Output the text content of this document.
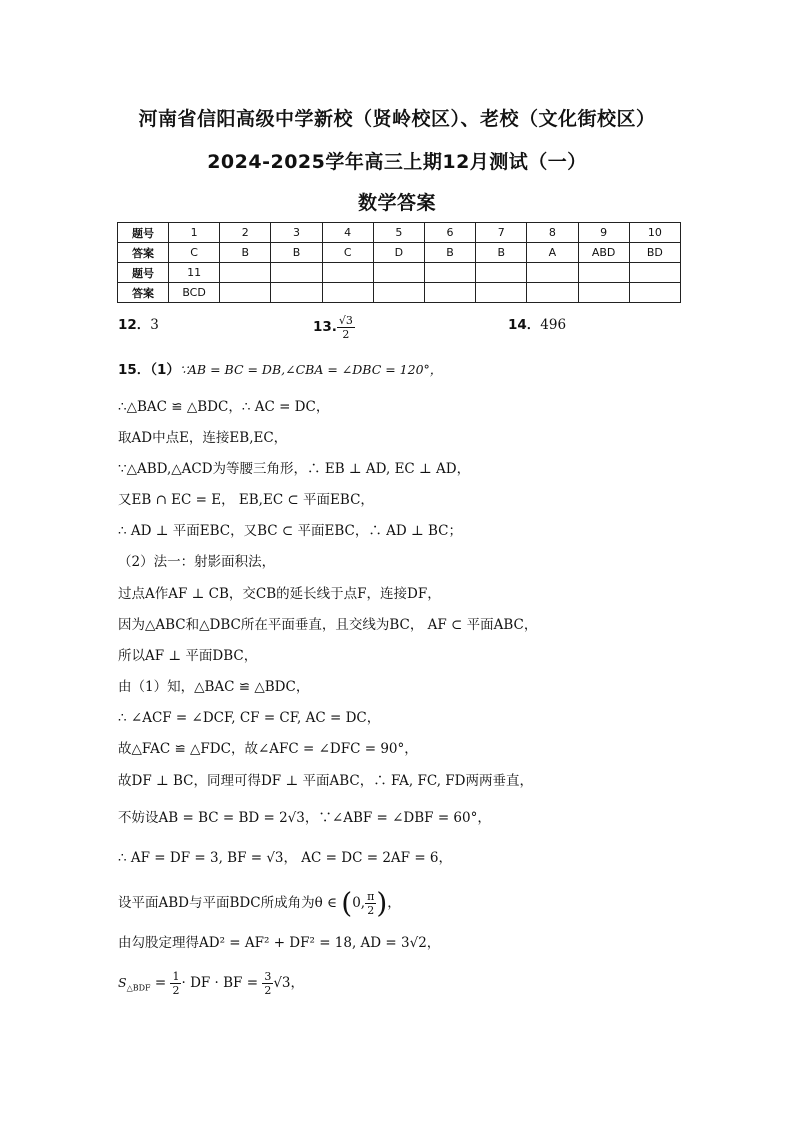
河南省信阳高级中学新校（贤岭校区）、老校（文化街校区）
2024-2025学年高三上期12月测试（一）
数学答案
题号	1	2	3	4	5	6	7	8	9	10
答案	C	B	B	C	D	B	B	A	ABD	BD
题号	11									
答案	BCD									
12．3	13. $\frac{√3}{2}$	14．496
15．（1）∵AB = BC = DB,∠CBA = ∠DBC = 120°，
∴△BAC ≌ △BDC，∴ AC = DC，
取AD中点E，连接EB,EC，
∵△ABD,△ACD为等腰三角形，∴ EB ⊥ AD, EC ⊥ AD，
又EB ∩ EC = E， EB,EC ⊂ 平面EBC，
∴ AD ⊥ 平面EBC，又BC ⊂ 平面EBC，∴ AD ⊥ BC；
（2）法一：射影面积法，
过点A作AF ⊥ CB，交CB的延长线于点F，连接DF，
因为△ABC和△DBC所在平面垂直，且交线为BC， AF ⊂ 平面ABC，
所以AF ⊥ 平面DBC，
由（1）知，△BAC ≌ △BDC，
∴ ∠ACF = ∠DCF, CF = CF, AC = DC，
故△FAC ≌ △FDC，故∠AFC = ∠DFC = 90°，
故DF ⊥ BC，同理可得DF ⊥ 平面ABC，∴ FA, FC, FD两两垂直，
不妨设AB = BC = BD = 2√3，∵∠ABF = ∠DBF = 60°，
∴ AF = DF = 3, BF = √3， AC = DC = 2AF = 6，
设平面ABD与平面BDC所成角为θ ∈ (0, $\frac{\pi}{2}$ )，
由勾股定理得AD² = AF² + DF² = 18, AD = 3√2，
$S_{\triangle BDF} = \frac{1}{2}$ · DF · BF = $\frac{3}{2} √3$，
